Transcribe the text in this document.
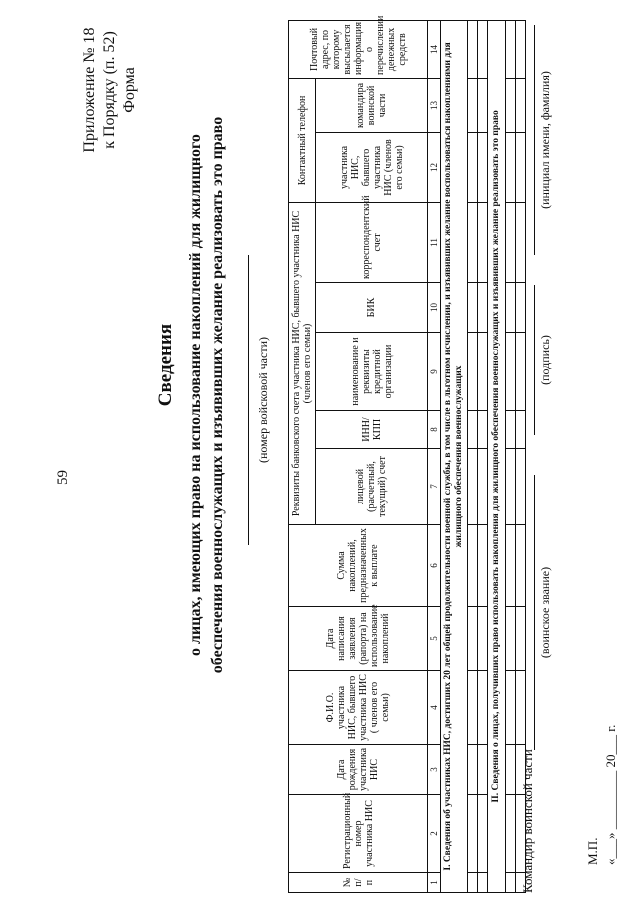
59
Приложение № 18 к Порядку (п. 52) Форма
Сведения о лицах, имеющих право на использование накоплений для жилищного обеспечения военнослужащих и изъявивших желание реализовать это право	(номер войсковой части)
№ п/п	Регистрационный номер участника НИС	Дата рождения участника НИС	Ф.И.О. участника НИС, бывшего участника НИС ( членов его семьи)	Дата написания заявления (рапорта) на использование накоплений	Сумма накоплений, предназначенных к выплате	Реквизиты банковского счета участника НИС, бывшего участника НИС (членов его семьи)					Контактный телефон		Почтовый адрес, по которому высылается информация о перечислении денежных средств
						лицевой (расчетный, текущий) счет	ИНН/ КПП	наименование и реквизиты кредитной организации	БИК	корреспондентский счет	участника НИС, бывшего участника НИС (членов его семьи)	командира воинской части	
1	2	3	4	5	6	7	8	9	10	11	12	13	14
I. Сведения об участниках НИС, достигших 20 лет общей продолжительности военной службы, в том числе в льготном исчислении, и изъявивших желание воспользоваться накоплениями для жилищного обеспечения военнослужащих													

II. Сведения о лицах, получивших право использовать накопления для жилищного обеспечения военнослужащих и изъявивших желание реализовать это право													

Командир воинской части
(воинское звание)
(подпись)
(инициал имени, фамилия)
М.П. «___» _________ 20___ г.
